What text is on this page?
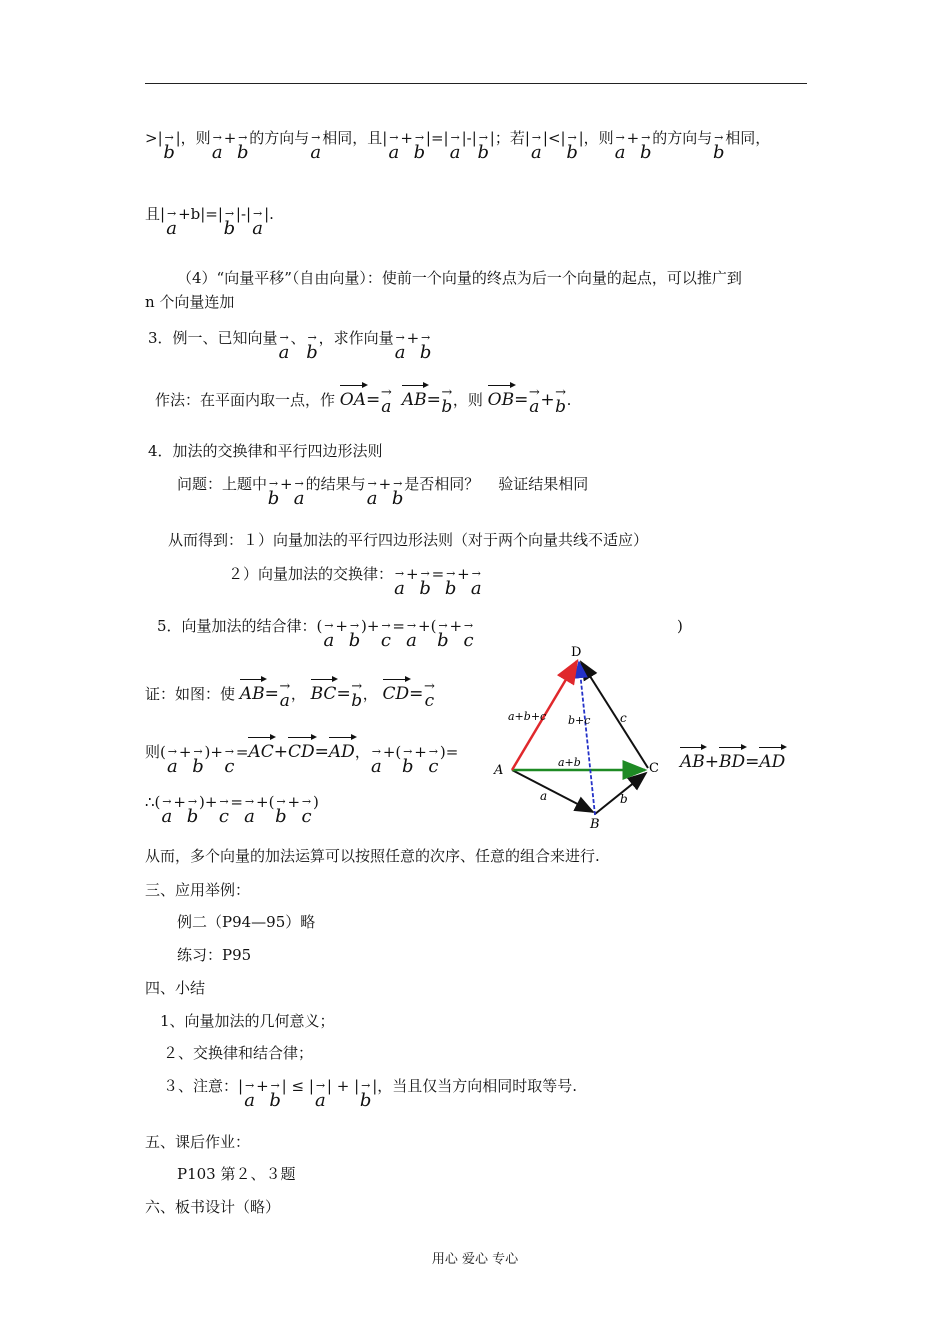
>| →
b
|，则 →
a
+ →
b
的方向与 →
a
相同，且| →
a
+ →
b
|=| →
a
|-| →
b
|；若| →
a
|<| →
b
|，则 →
a
+ →
b
的方向与 →
b
相同，
且| →
a
+b|=| →
b
|-| →
a
|.
（4）“向量平移”（自由向量）：使前一个向量的终点为后一个向量的起点，可以推广到
n 个向量连加
3．例一、已知向量 →
a
、 →
b
，求作向量 →
a
+ →
b
作法：在平面内取一点，作 OA= →
a AB= →
b ，则 OB= →
a + →
b .
4．加法的交换律和平行四边形法则
问题：上题中 →
b
+ →
a
的结果与 →
a
+ →
b
是否相同？ 验证结果相同
从而得到：１）向量加法的平行四边形法则（对于两个向量共线不适应）
２）向量加法的交换律： →
a
+ →
b
= →
b
+ →
a
5．向量加法的结合律：( →
a
+ →
b
)+ →
c
= →
a
+( →
b
+ →
c
)
证：如图：使 AB= →
a ， BC= →
b ， CD= →
c
则( →
a
+ →
b
)+ →
c
=AC+CD=AD， →
a
+( →
b
+ →
c
)=	AB+BD=AD
∴( →
a
+ →
b
)+ →
c
= →
a
+( →
b
+ →
c
)
D
A
B
C
a+b+c b+c c
a+b
a	b
从而，多个向量的加法运算可以按照任意的次序、任意的组合来进行.
三、应用举例：
例二（P94—95）略
练习：P95
四、小结
1、向量加法的几何意义；
２、交换律和结合律；
３、注意：| →
a
+ →
b
| ≤ | →
a
| + | →
b
|，当且仅当方向相同时取等号.
五、课后作业：
P103 第２、３题
六、板书设计（略）
用心 爱心 专心
